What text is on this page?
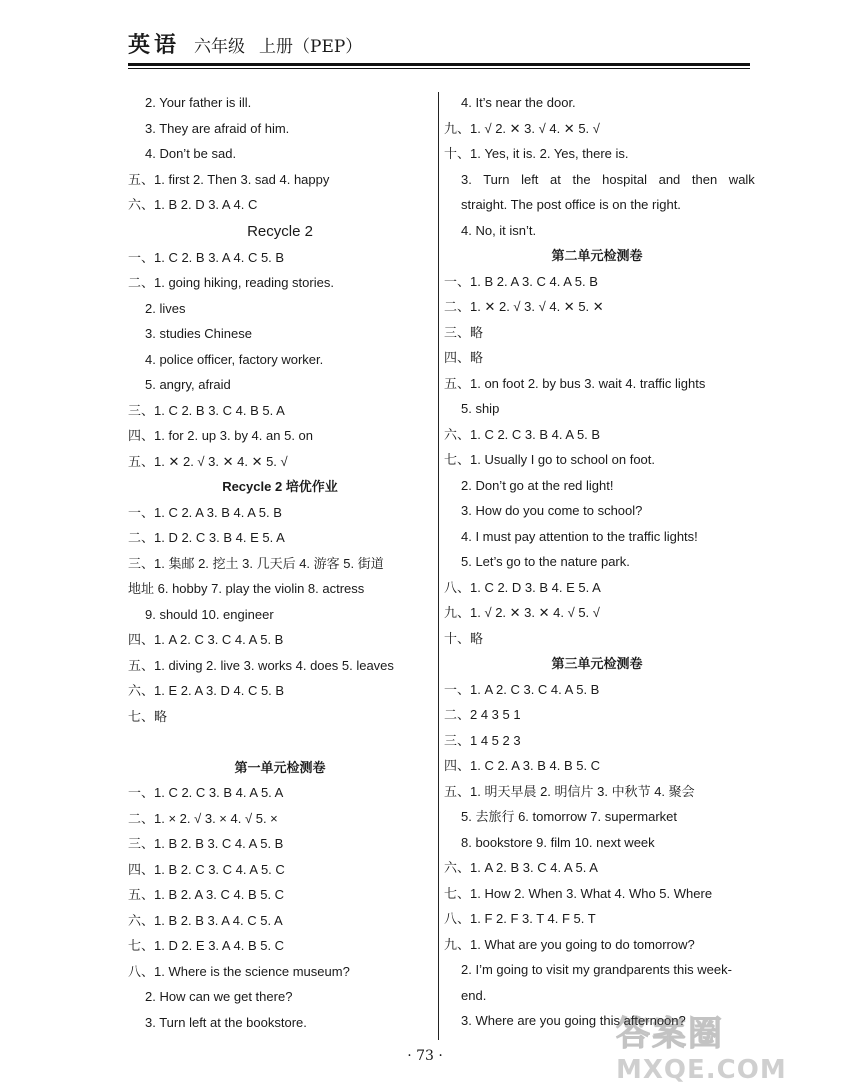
英语 六年级 上册（PEP）
2. Your father is ill.
3. They are afraid of him.
4. Don’t be sad.
五、1. first 2. Then 3. sad 4. happy
六、1. B 2. D 3. A 4. C
Recycle 2
一、1. C 2. B 3. A 4. C 5. B
二、1. going hiking, reading stories.
2. lives
3. studies Chinese
4. police officer, factory worker.
5. angry, afraid
三、1. C 2. B 3. C 4. B 5. A
四、1. for 2. up 3. by 4. an 5. on
五、1. ✕ 2. √ 3. ✕ 4. ✕ 5. √
Recycle 2 培优作业
一、1. C 2. A 3. B 4. A 5. B
二、1. D 2. C 3. B 4. E 5. A
三、1. 集邮 2. 挖土 3. 几天后 4. 游客 5. 街道
地址 6. hobby 7. play the violin 8. actress
9. should 10. engineer
四、1. A 2. C 3. C 4. A 5. B
五、1. diving 2. live 3. works 4. does 5. leaves
六、1. E 2. A 3. D 4. C 5. B
七、略
第一单元检测卷
一、1. C 2. C 3. B 4. A 5. A
二、1. × 2. √ 3. × 4. √ 5. ×
三、1. B 2. B 3. C 4. A 5. B
四、1. B 2. C 3. C 4. A 5. C
五、1. B 2. A 3. C 4. B 5. C
六、1. B 2. B 3. A 4. C 5. A
七、1. D 2. E 3. A 4. B 5. C
八、1. Where is the science museum?
2. How can we get there?
3. Turn left at the bookstore.
4. It’s near the door.
九、1. √ 2. ✕ 3. √ 4. ✕ 5. √
十、1. Yes, it is. 2. Yes, there is.
3. Turn left at the hospital and then walk
straight. The post office is on the right.
4. No, it isn’t.
第二单元检测卷
一、1. B 2. A 3. C 4. A 5. B
二、1. ✕ 2. √ 3. √ 4. ✕ 5. ✕
三、略
四、略
五、1. on foot 2. by bus 3. wait 4. traffic lights
5. ship
六、1. C 2. C 3. B 4. A 5. B
七、1. Usually I go to school on foot.
2. Don’t go at the red light!
3. How do you come to school?
4. I must pay attention to the traffic lights!
5. Let’s go to the nature park.
八、1. C 2. D 3. B 4. E 5. A
九、1. √ 2. ✕ 3. ✕ 4. √ 5. √
十、略
第三单元检测卷
一、1. A 2. C 3. C 4. A 5. B
二、2 4 3 5 1
三、1 4 5 2 3
四、1. C 2. A 3. B 4. B 5. C
五、1. 明天早晨 2. 明信片 3. 中秋节 4. 聚会
5. 去旅行 6. tomorrow 7. supermarket
8. bookstore 9. film 10. next week
六、1. A 2. B 3. C 4. A 5. A
七、1. How 2. When 3. What 4. Who 5. Where
八、1. F 2. F 3. T 4. F 5. T
九、1. What are you going to do tomorrow?
2. I’m going to visit my grandparents this week-
end.
3. Where are you going this afternoon?
· 73 ·
答案圈
MXQE.COM
